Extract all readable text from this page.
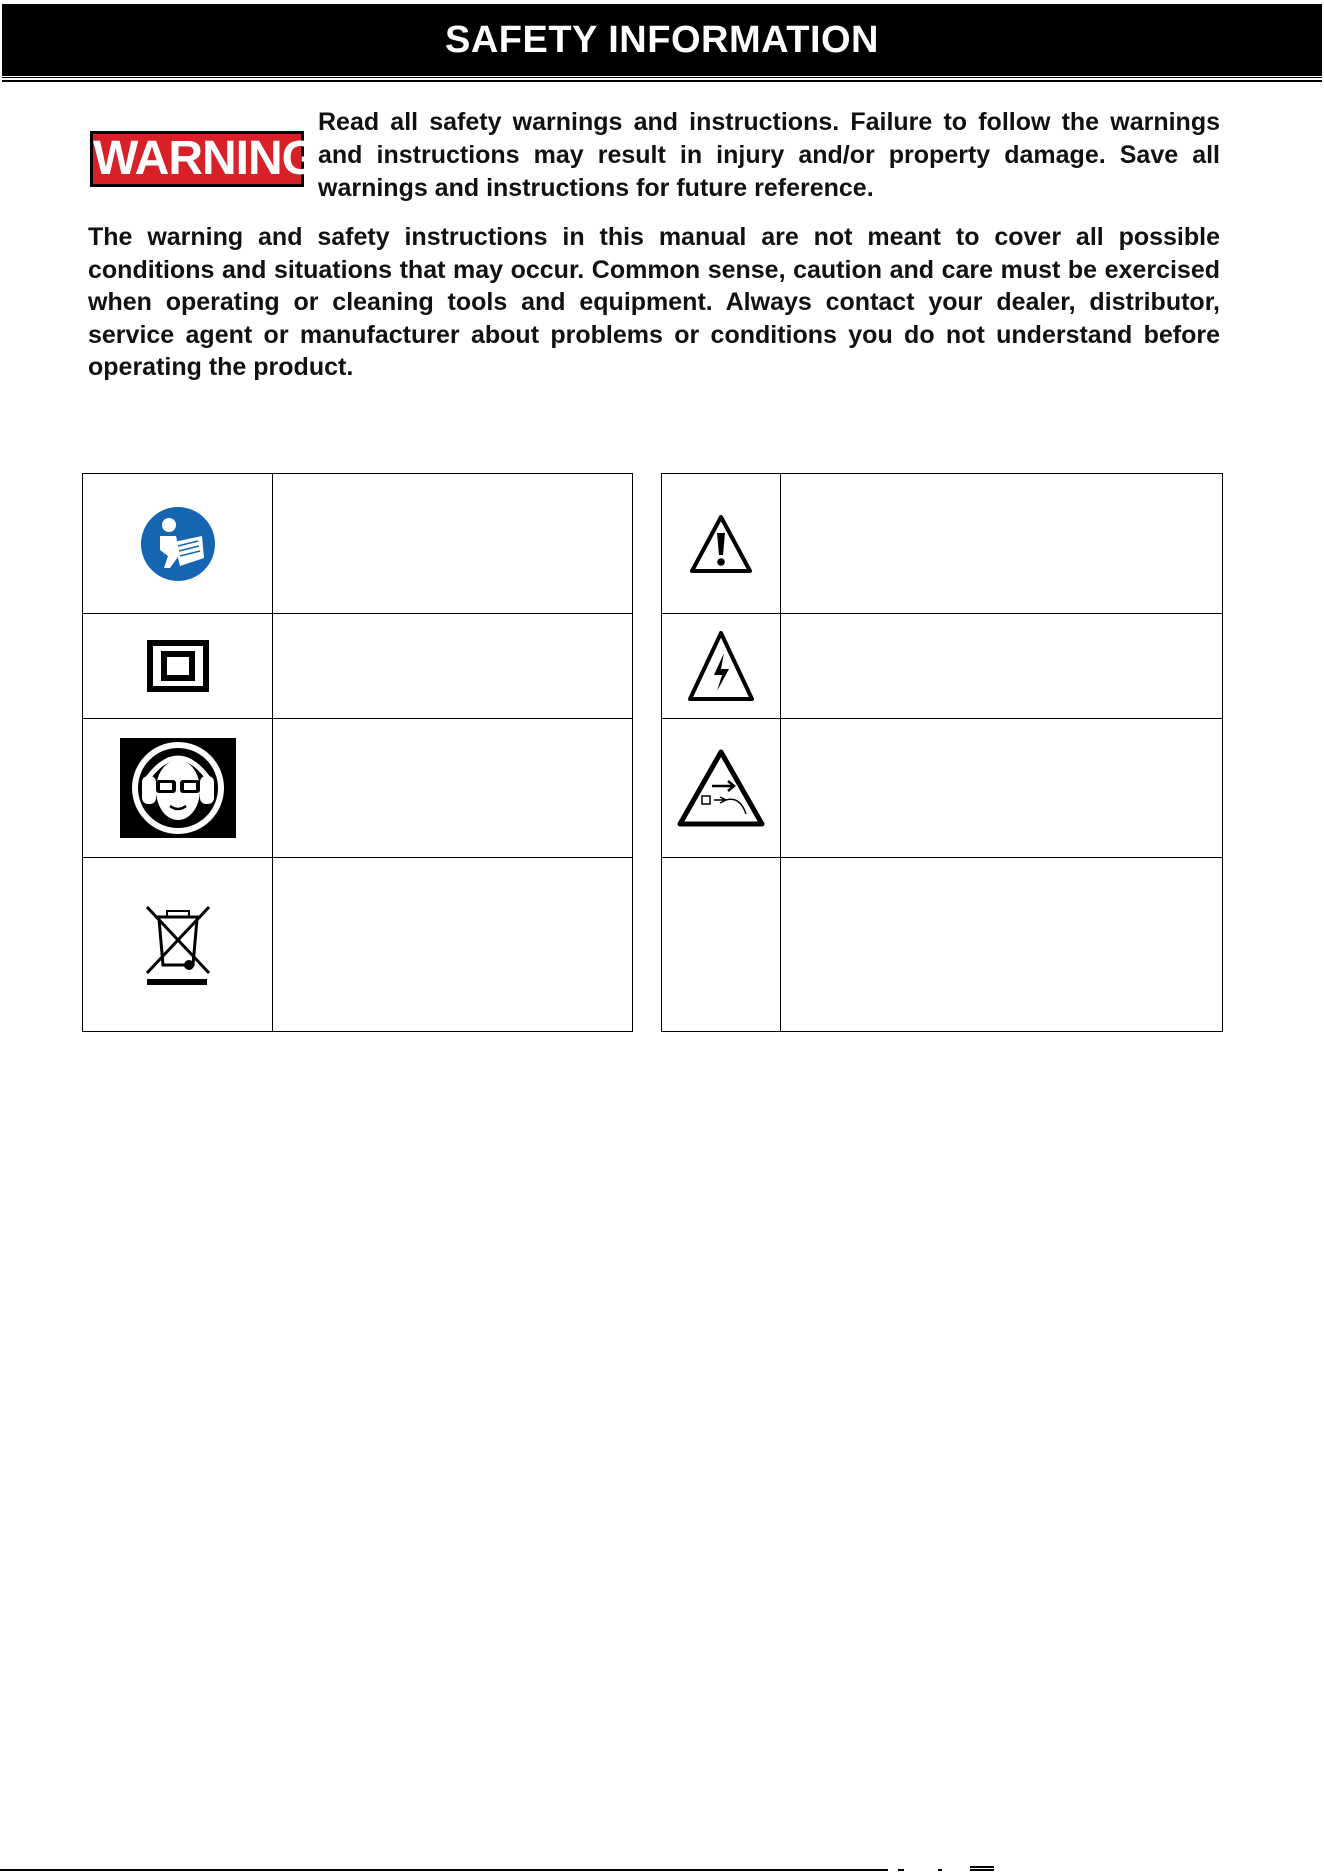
SAFETY INFORMATION
WARNING
Read all safety warnings and instructions. Failure to follow the warnings and instructions may result in injury and/or property damage. Save all warnings and instructions for future reference.
The warning and safety instructions in this manual are not meant to cover all possible conditions and situations that may occur. Common sense, caution and care must be exercised when operating or cleaning tools and equipment. Always contact your dealer, distributor, service agent or manufacturer about problems or conditions you do not understand before operating the product.
